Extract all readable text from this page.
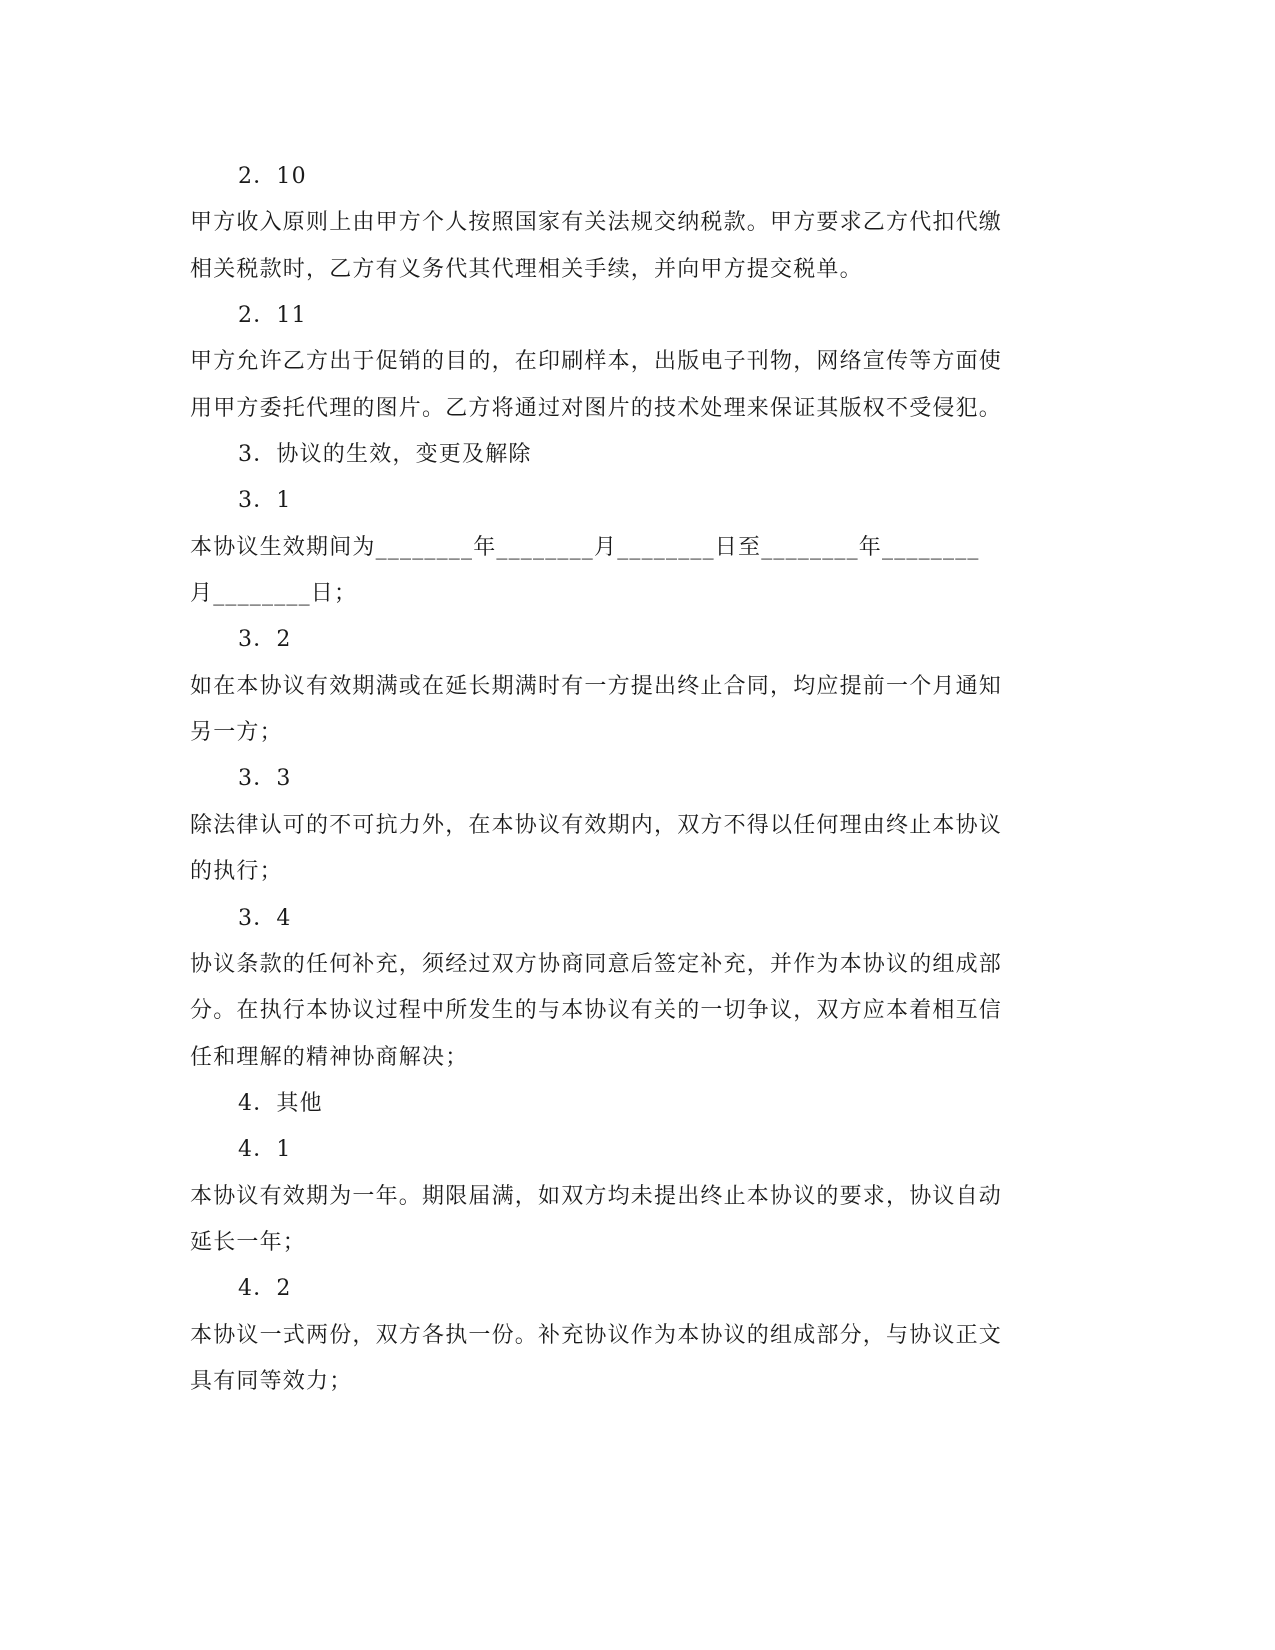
2．10
甲方收入原则上由甲方个人按照国家有关法规交纳税款。甲方要求乙方代扣代缴
相关税款时，乙方有义务代其代理相关手续，并向甲方提交税单。
2．11
甲方允许乙方出于促销的目的，在印刷样本，出版电子刊物，网络宣传等方面使
用甲方委托代理的图片。乙方将通过对图片的技术处理来保证其版权不受侵犯。
3．协议的生效，变更及解除
3．1
本协议生效期间为________年________月________日至________年________
月________日；
3．2
如在本协议有效期满或在延长期满时有一方提出终止合同，均应提前一个月通知
另一方；
3．3
除法律认可的不可抗力外，在本协议有效期内，双方不得以任何理由终止本协议
的执行；
3．4
协议条款的任何补充，须经过双方协商同意后签定补充，并作为本协议的组成部
分。在执行本协议过程中所发生的与本协议有关的一切争议，双方应本着相互信
任和理解的精神协商解决；
4．其他
4．1
本协议有效期为一年。期限届满，如双方均未提出终止本协议的要求，协议自动
延长一年；
4．2
本协议一式两份，双方各执一份。补充协议作为本协议的组成部分，与协议正文
具有同等效力；
